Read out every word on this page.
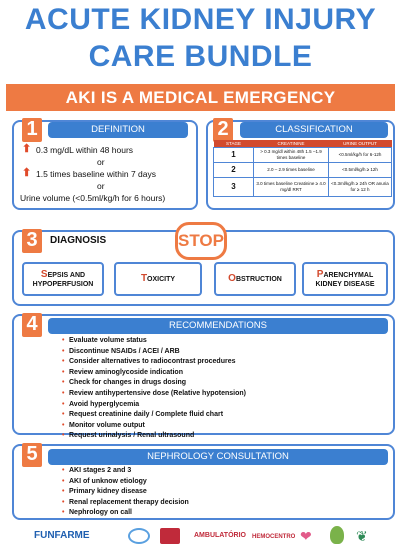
ACUTE KIDNEY INJURY
CARE BUNDLE
AKI IS A MEDICAL EMERGENCY
1	DEFINITION
⬆ 0.3 mg/dL within 48 hours
or
⬆ 1.5 times baseline within 7 days
or
Urine volume (<0.5ml/kg/h for 6 hours)
2	CLASSIFICATION
STAGE	CREATININE	URINE OUTPUT
1	> 0.3 mg/dl within 48h 1.5 –1.9 times baseline	<0.5ml/kg/h for 6-12h
2	2.0 – 2.9 times baseline	<0.5ml/kg/h ≥ 12h
3	3.0 times baseline Creatinine ≥ 4.0 mg/dl RRT	<0.3ml/kg/h ≥ 24h OR anuria for ≥ 12 h
3	DIAGNOSIS	STOP
SEPSIS AND HYPOPERFUSION	TOXICITY	OBSTRUCTION	PARENCHYMAL KIDNEY DISEASE
4	RECOMMENDATIONS
• Evaluate volume status
• Discontinue NSAIDs / ACEI / ARB
• Consider alternatives to radiocontrast procedures
• Review aminoglycoside indication
• Check for changes in drugs dosing
• Review antihypertensive dose (Relative hypotension)
• Avoid hyperglycemia
• Request creatinine daily / Complete fluid chart
• Monitor volume output
• Request urinalysis / Renal ultrasound
5	NEPHROLOGY CONSULTATION
• AKI stages 2 and 3
• AKI of unknow etiology
• Primary kidney disease
• Renal replacement therapy decision
• Nephrology on call
FUNFARME	AMBULATÓRIO HEMOCENTRO ❤	❦
